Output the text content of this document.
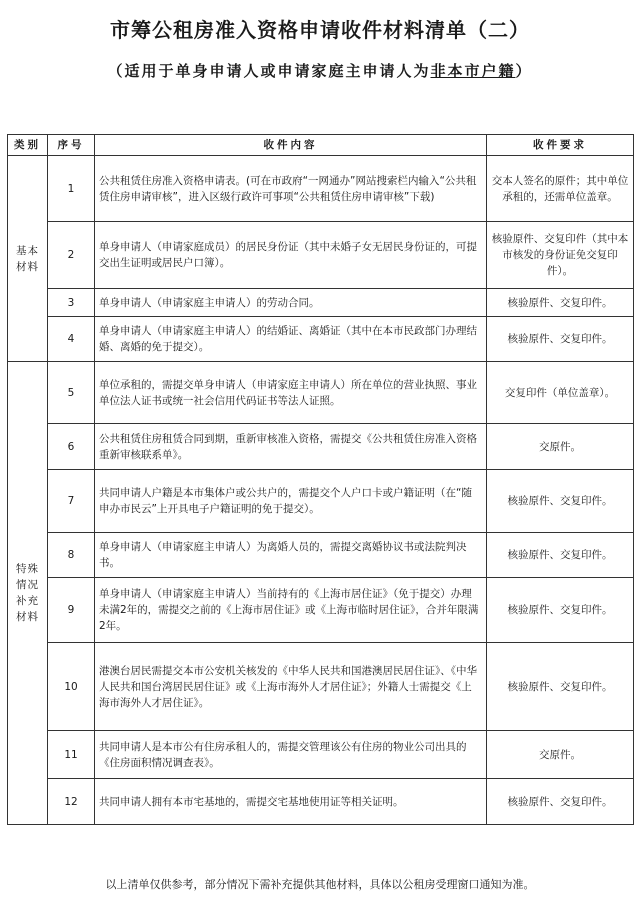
市筹公租房准入资格申请收件材料清单（二）
（适用于单身申请人或申请家庭主申请人为非本市户籍）
类别	序号	收件内容	收件要求
基本材料	1	公共租赁住房准入资格申请表。(可在市政府“一网通办”网站搜索栏内输入“公共租赁住房申请审核”，进入区级行政许可事项“公共租赁住房申请审核”下载)	交本人签名的原件；其中单位承租的，还需单位盖章。
	2	单身申请人（申请家庭成员）的居民身份证（其中未婚子女无居民身份证的，可提交出生证明或居民户口簿）。	核验原件、交复印件（其中本市核发的身份证免交复印件）。
	3	单身申请人（申请家庭主申请人）的劳动合同。	核验原件、交复印件。
	4	单身申请人（申请家庭主申请人）的结婚证、离婚证（其中在本市民政部门办理结婚、离婚的免于提交）。	核验原件、交复印件。
特殊情况补充材料	5	单位承租的，需提交单身申请人（申请家庭主申请人）所在单位的营业执照、事业单位法人证书或统一社会信用代码证书等法人证照。	交复印件（单位盖章）。
	6	公共租赁住房租赁合同到期，重新审核准入资格，需提交《公共租赁住房准入资格重新审核联系单》。	交原件。
	7	共同申请人户籍是本市集体户或公共户的，需提交个人户口卡或户籍证明（在“随申办市民云”上开具电子户籍证明的免于提交）。	核验原件、交复印件。
	8	单身申请人（申请家庭主申请人）为离婚人员的，需提交离婚协议书或法院判决书。	核验原件、交复印件。
	9	单身申请人（申请家庭主申请人）当前持有的《上海市居住证》（免于提交）办理未满2年的，需提交之前的《上海市居住证》或《上海市临时居住证》，合并年限满2年。	核验原件、交复印件。
	10	港澳台居民需提交本市公安机关核发的《中华人民共和国港澳居民居住证》、《中华人民共和国台湾居民居住证》或《上海市海外人才居住证》；外籍人士需提交《上海市海外人才居住证》。	核验原件、交复印件。
	11	共同申请人是本市公有住房承租人的，需提交管理该公有住房的物业公司出具的《住房面积情况调查表》。	交原件。
	12	共同申请人拥有本市宅基地的，需提交宅基地使用证等相关证明。	核验原件、交复印件。
以上清单仅供参考，部分情况下需补充提供其他材料，具体以公租房受理窗口通知为准。
